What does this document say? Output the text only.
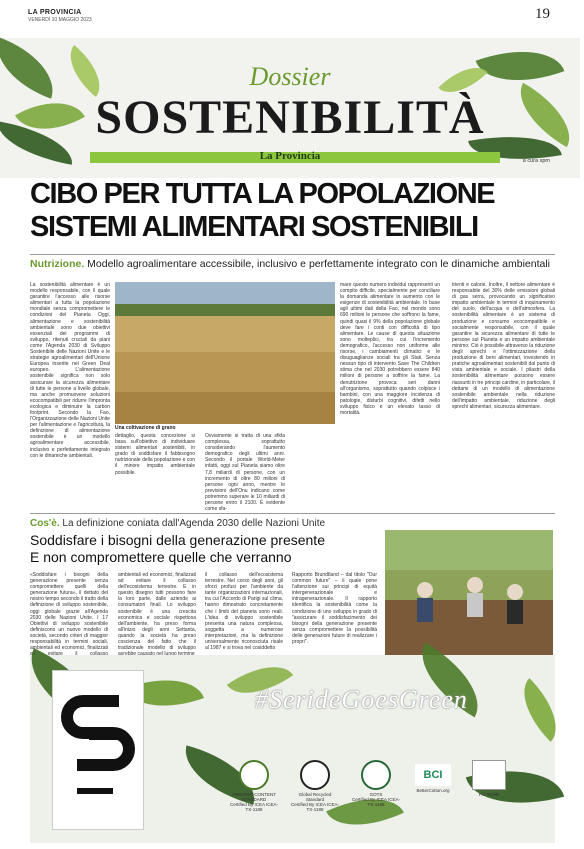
LA PROVINCIA
VENERDÌ 10 MAGGIO 2023	19
Dossier
SOSTENIBILITÀ
La Provincia	a cura spm
CIBO PER TUTTA LA POPOLAZIONE
SISTEMI ALIMENTARI SOSTENIBILI
Nutrizione. Modello agroalimentare accessibile, inclusivo e perfettamente integrato con le dinamiche ambientali
La sostenibilità alimentare è un modello responsabile, con il quale garantire l'accesso alle risorse alimentari a tutta la popolazione mondiale senza compromettere le condizioni del Pianeta Oggi, alimentazione e sostenibilità ambientale sono due obiettivi essenziali dei programmi di sviluppo, ritenuti cruciali da piani come l'Agenda 2030 di Sviluppo Sostenibile delle Nazioni Unite e le strategie agroalimentari dell'Unione Europea inserite nel Green Deal europeo. L'alimentazione sostenibile significa non solo assicurare la sicurezza alimentare di tutte le persone a livello globale, ma anche promuovere soluzioni ecocompatibili per ridurre l'impronta ecologica e diminuire la carbon footprint. Secondo la Fao, l'Organizzazione delle Nazioni Unite per l'alimentazione e l'agricoltura, la definizione di alimentazione sostenibile è un modello agroalimentare accessibile, inclusivo e perfettamente integrato con le dinamiche ambientali.
Una coltivazione di grano
dettaglio, questa concezione si basa sull'obiettivo di individuare sistemi alimentari sostenibili, in grado di soddisfare il fabbisogno nutrizionale della popolazione e con il minore impatto ambientale possibile.
Ovviamente si tratta di una sfida complessa, soprattutto considerando l'aumento demografico degli ultimi anni. Secondo il portale World-Meter infatti, oggi sul Pianeta siamo oltre 7,8 miliardi di persone, con un incremento di oltre 80 milioni di persone ogni anno, mentre le previsioni dell'Onu indicano come potremmo superare le 10 miliardi di persone entro il 2100. È evidente come sfa-
mare questo numero individui rappresenti un compito difficile, specialmente per conciliare la domanda alimentare in aumento con le esigenze di sostenibilità ambientale. In base agli ultimi dati della Fao, nel mondo sono 690 milioni le persone che soffrono la fame, quindi quasi il 9% della popolazione globale deve fare i conti con difficoltà di tipo alimentare. Le cause di questa situazione sono molteplici, tra cui l'incremento demografico, l'accesso non uniforme alle risorse, i cambiamenti climatici e le disuguaglianze sociali tra gli Stati. Senza nessun tipo di intervento Save The Children stima che nel 2030 potrebbero essere 840 milioni di persone a soffrire la fame. La denutrizione provoca seri danni all'organismo, soprattutto quando colpisce i bambini, con una maggiore incidenza di patologie, disturbi cognitivi, difetti nello sviluppo fisico e un elevato tasso di mortalità.
trienti e calorie. Inoltre, il settore alimentare è responsabile del 30% delle emissioni globali di gas serra, provocando un significativo impatto ambientale in termini di inquinamento del suolo, dell'acqua e dell'atmosfera. La sostenibilità alimentare è un sistema di produzione e consumo ecocompatibile e socialmente responsabile, con il quale garantire la sicurezza alimentare di tutte le persone sul Pianeta e un impatto ambientale minimo. Ciò è possibile attraverso la riduzione degli sprechi e l'ottimizzazione della produzione di beni alimentari, investendo in pratiche agroalimentari sostenibili dal punto di vista ambientale e sociale. I pilastri della sostenibilità alimentare possono essere riassunti in tre principi cardine, in particolare, il dettami di un modello di alimentazione sostenibile ambientale nella riduzione dell'impatto ambientale, riduzione degli sprechi alimentari, sicurezza alimentare.
Cos'è. La definizione coniata dall'Agenda 2030 delle Nazioni Unite
Soddisfare i bisogni della generazione presente
E non compromettere quelle che verranno
«Soddisfare i bisogni della generazione presente senza compromettere quelli della generazione futura», il dettato del nostro tempo secondo il tratto della definizione di sviluppo sostenibile, oggi globale grazie all'Agenda 2030 delle Nazioni Unite. I 17 Obiettivi di sviluppo sostenibile definiscono un nuovo modello di società, secondo criteri di maggior responsabilità in termini sociali, ambientali ed economici, finalizzati
ambientali ed economici, finalizzati ad evitare il collasso dell'ecosistema terrestre. E in questo disegno tutti possono fare la loro parte, dalle aziende ai consumatori finali. Lo sviluppo sostenibile è una crescita economica e sociale rispettosa dell'ambiente, ha preso forma all'inizio degli anni Settanta, quando la società ha preso coscienza del fatto che il tradizionale modello di sviluppo
il collasso dell'ecosistema terrestre. Nel corso degli anni, gli sforzi profusi per l'ambiente da tante organizzazioni internazionali, tra cui l'Accordo di Parigi sul clima, hanno dimostrato concretamente che i limiti del pianeta sono reali. L'idea di sviluppo sostenibile presenta una natura complessa, soggetta a numerose interpretazioni, ma la definizione universalmente riconosciuta risale al 1987 e si trova nel cosiddetto
Rapporto Brundtland – dal titolo "Our common future" – il quale pone l'attenzione sui principi di equità intergenerazionale e intragenerazionale. Il rapporto identifica la sostenibilità come la condizione di uno sviluppo in grado di "assicurare il soddisfacimento dei bisogni della generazione presente senza compromettere la possibilità delle generazioni future di realizzare i propri".
#SerideGoesGreen
ORGANIC CONTENT STANDARD
Certified By ICEA ICEA-TX-1188
Global Recycled Standard
Certified By ICEA ICEA-TX-1188
GOTS
Certified By ICEA ICEA-TX-1188
BCI
BetterCotton.org
For Textile
